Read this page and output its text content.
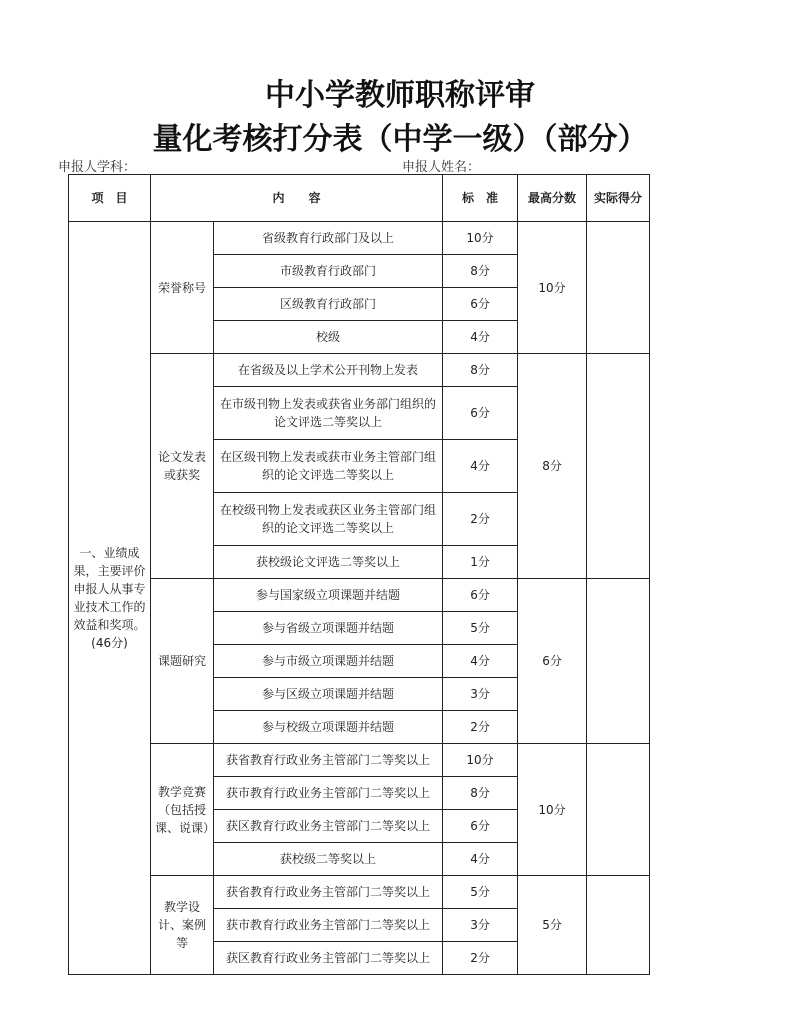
中小学教师职称评审
量化考核打分表（中学一级）（部分）
申报人学科：	申报人姓名：
项　目	内　　容		标　准	最高分数	实际得分
一、业绩成果，主要评价申报人从事专业技术工作的效益和奖项。(46分)	荣誉称号	省级教育行政部门及以上	10分	10分	
		市级教育行政部门	8分		
		区级教育行政部门	6分		
		校级	4分		
	论文发表或获奖	在省级及以上学术公开刊物上发表	8分	8分	
		在市级刊物上发表或获省业务部门组织的论文评选二等奖以上	6分		
		在区级刊物上发表或获市业务主管部门组织的论文评选二等奖以上	4分		
		在校级刊物上发表或获区业务主管部门组织的论文评选二等奖以上	2分		
		获校级论文评选二等奖以上	1分		
	课题研究	参与国家级立项课题并结题	6分	6分	
		参与省级立项课题并结题	5分		
		参与市级立项课题并结题	4分		
		参与区级立项课题并结题	3分		
		参与校级立项课题并结题	2分		
	教学竞赛（包括授课、说课）	获省教育行政业务主管部门二等奖以上	10分	10分	
		获市教育行政业务主管部门二等奖以上	8分		
		获区教育行政业务主管部门二等奖以上	6分		
		获校级二等奖以上	4分		
	教学设计、案例等	获省教育行政业务主管部门二等奖以上	5分	5分	
		获市教育行政业务主管部门二等奖以上	3分		
		获区教育行政业务主管部门二等奖以上	2分		
